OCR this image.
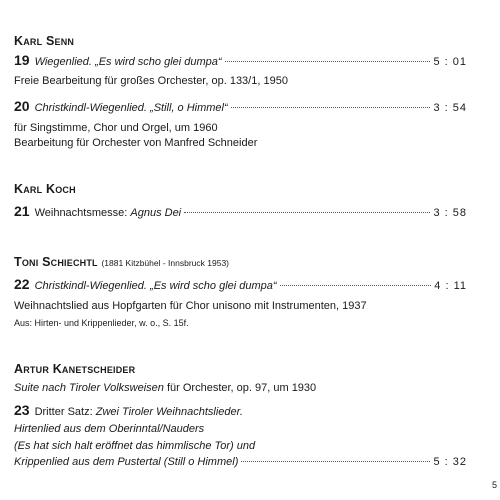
Karl Senn
19 Wiegenlied. „Es wird scho glei dumpa“	5 : 01
Freie Bearbeitung für großes Orchester, op. 133/1, 1950
20 Christkindl-Wiegenlied. „Still, o Himmel“	3 : 54
für Singstimme, Chor und Orgel, um 1960
Bearbeitung für Orchester von Manfred Schneider
Karl Koch
21 Weihnachtsmesse: Agnus Dei	3 : 58
Toni Schiechtl (1881 Kitzbühel - Innsbruck 1953)
22 Christkindl-Wiegenlied. „Es wird scho glei dumpa“	4 : 11
Weihnachtslied aus Hopfgarten für Chor unisono mit Instrumenten, 1937
Aus: Hirten- und Krippenlieder, w. o., S. 15f.
Artur Kanetscheider
Suite nach Tiroler Volksweisen für Orchester, op. 97, um 1930
23 Dritter Satz: Zwei Tiroler Weihnachtslieder.
Hirtenlied aus dem Oberinntal/Nauders
(Es hat sich halt eröffnet das himmlische Tor) und
Krippenlied aus dem Pustertal (Still o Himmel)	5 : 32
5
